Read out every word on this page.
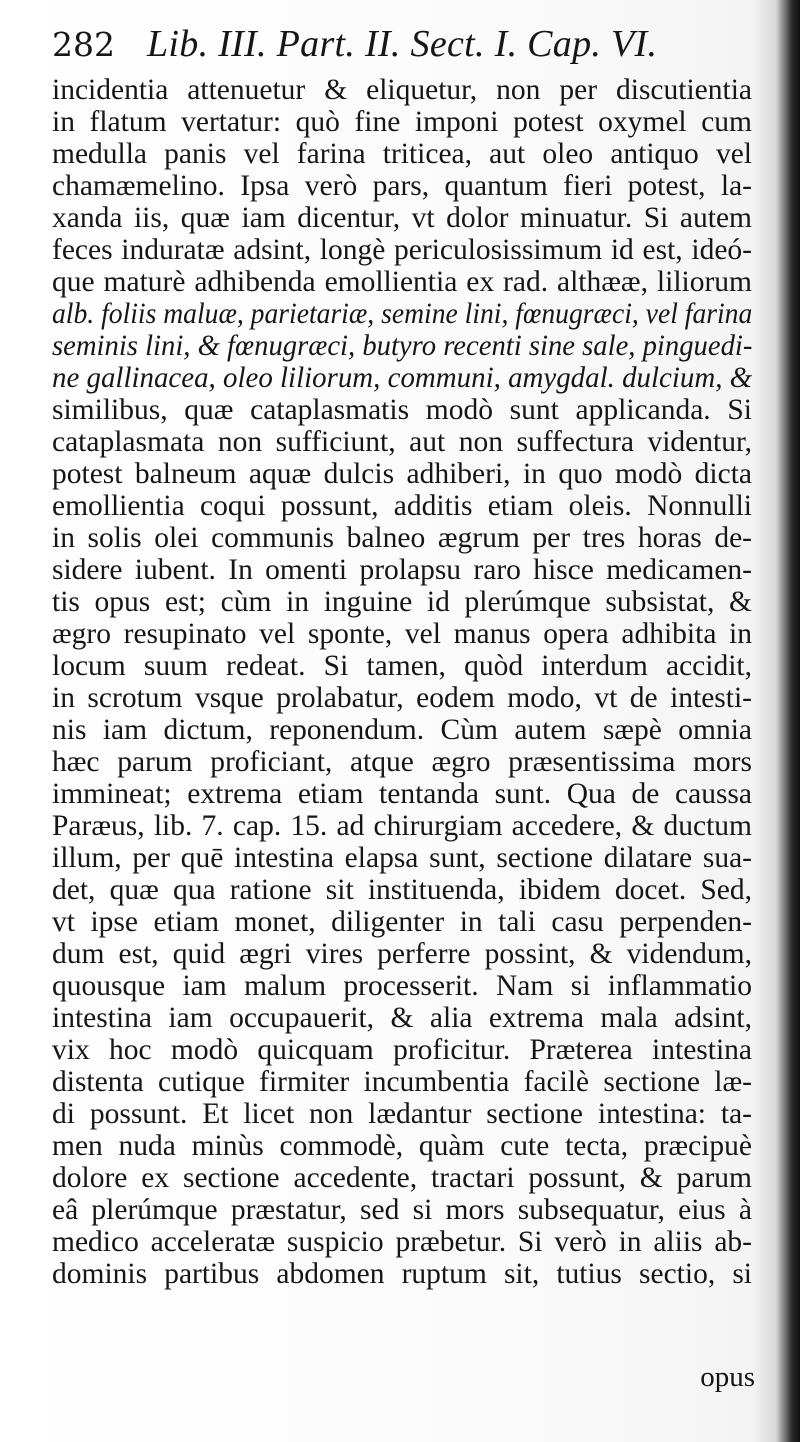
282 Lib. III. Part. II. Sect. I. Cap. VI.
incidentia attenuetur & eliquetur, non per discutientia
in flatum vertatur: quò fine imponi potest oxymel cum
medulla panis vel farina triticea, aut oleo antiquo vel
chamæmelino. Ipsa verò pars, quantum fieri potest, la-
xanda iis, quæ iam dicentur, vt dolor minuatur. Si autem
feces induratæ adsint, longè periculosissimum id est, ideó-
que maturè adhibenda emollientia ex rad. althææ, liliorum
alb. foliis maluæ, parietariæ, semine lini, fœnugræci, vel farina
seminis lini, & fœnugræci, butyro recenti sine sale, pinguedi-
ne gallinacea, oleo liliorum, communi, amygdal. dulcium, &
similibus, quæ cataplasmatis modò sunt applicanda. Si
cataplasmata non sufficiunt, aut non suffectura videntur,
potest balneum aquæ dulcis adhiberi, in quo modò dicta
emollientia coqui possunt, additis etiam oleis. Nonnulli
in solis olei communis balneo ægrum per tres horas de-
sidere iubent. In omenti prolapsu raro hisce medicamen-
tis opus est; cùm in inguine id plerúmque subsistat, &
ægro resupinato vel sponte, vel manus opera adhibita in
locum suum redeat. Si tamen, quòd interdum accidit,
in scrotum vsque prolabatur, eodem modo, vt de intesti-
nis iam dictum, reponendum. Cùm autem sæpè omnia
hæc parum proficiant, atque ægro præsentissima mors
immineat; extrema etiam tentanda sunt. Qua de caussa
Paræus, lib. 7. cap. 15. ad chirurgiam accedere, & ductum
illum, per quē intestina elapsa sunt, sectione dilatare sua-
det, quæ qua ratione sit instituenda, ibidem docet. Sed,
vt ipse etiam monet, diligenter in tali casu perpenden-
dum est, quid ægri vires perferre possint, & videndum,
quousque iam malum processerit. Nam si inflammatio
intestina iam occupauerit, & alia extrema mala adsint,
vix hoc modò quicquam proficitur. Præterea intestina
distenta cutique firmiter incumbentia facilè sectione læ-
di possunt. Et licet non lædantur sectione intestina: ta-
men nuda minùs commodè, quàm cute tecta, præcipuè
dolore ex sectione accedente, tractari possunt, & parum
eâ plerúmque præstatur, sed si mors subsequatur, eius à
medico acceleratæ suspicio præbetur. Si verò in aliis ab-
dominis partibus abdomen ruptum sit, tutius sectio, si
opus
